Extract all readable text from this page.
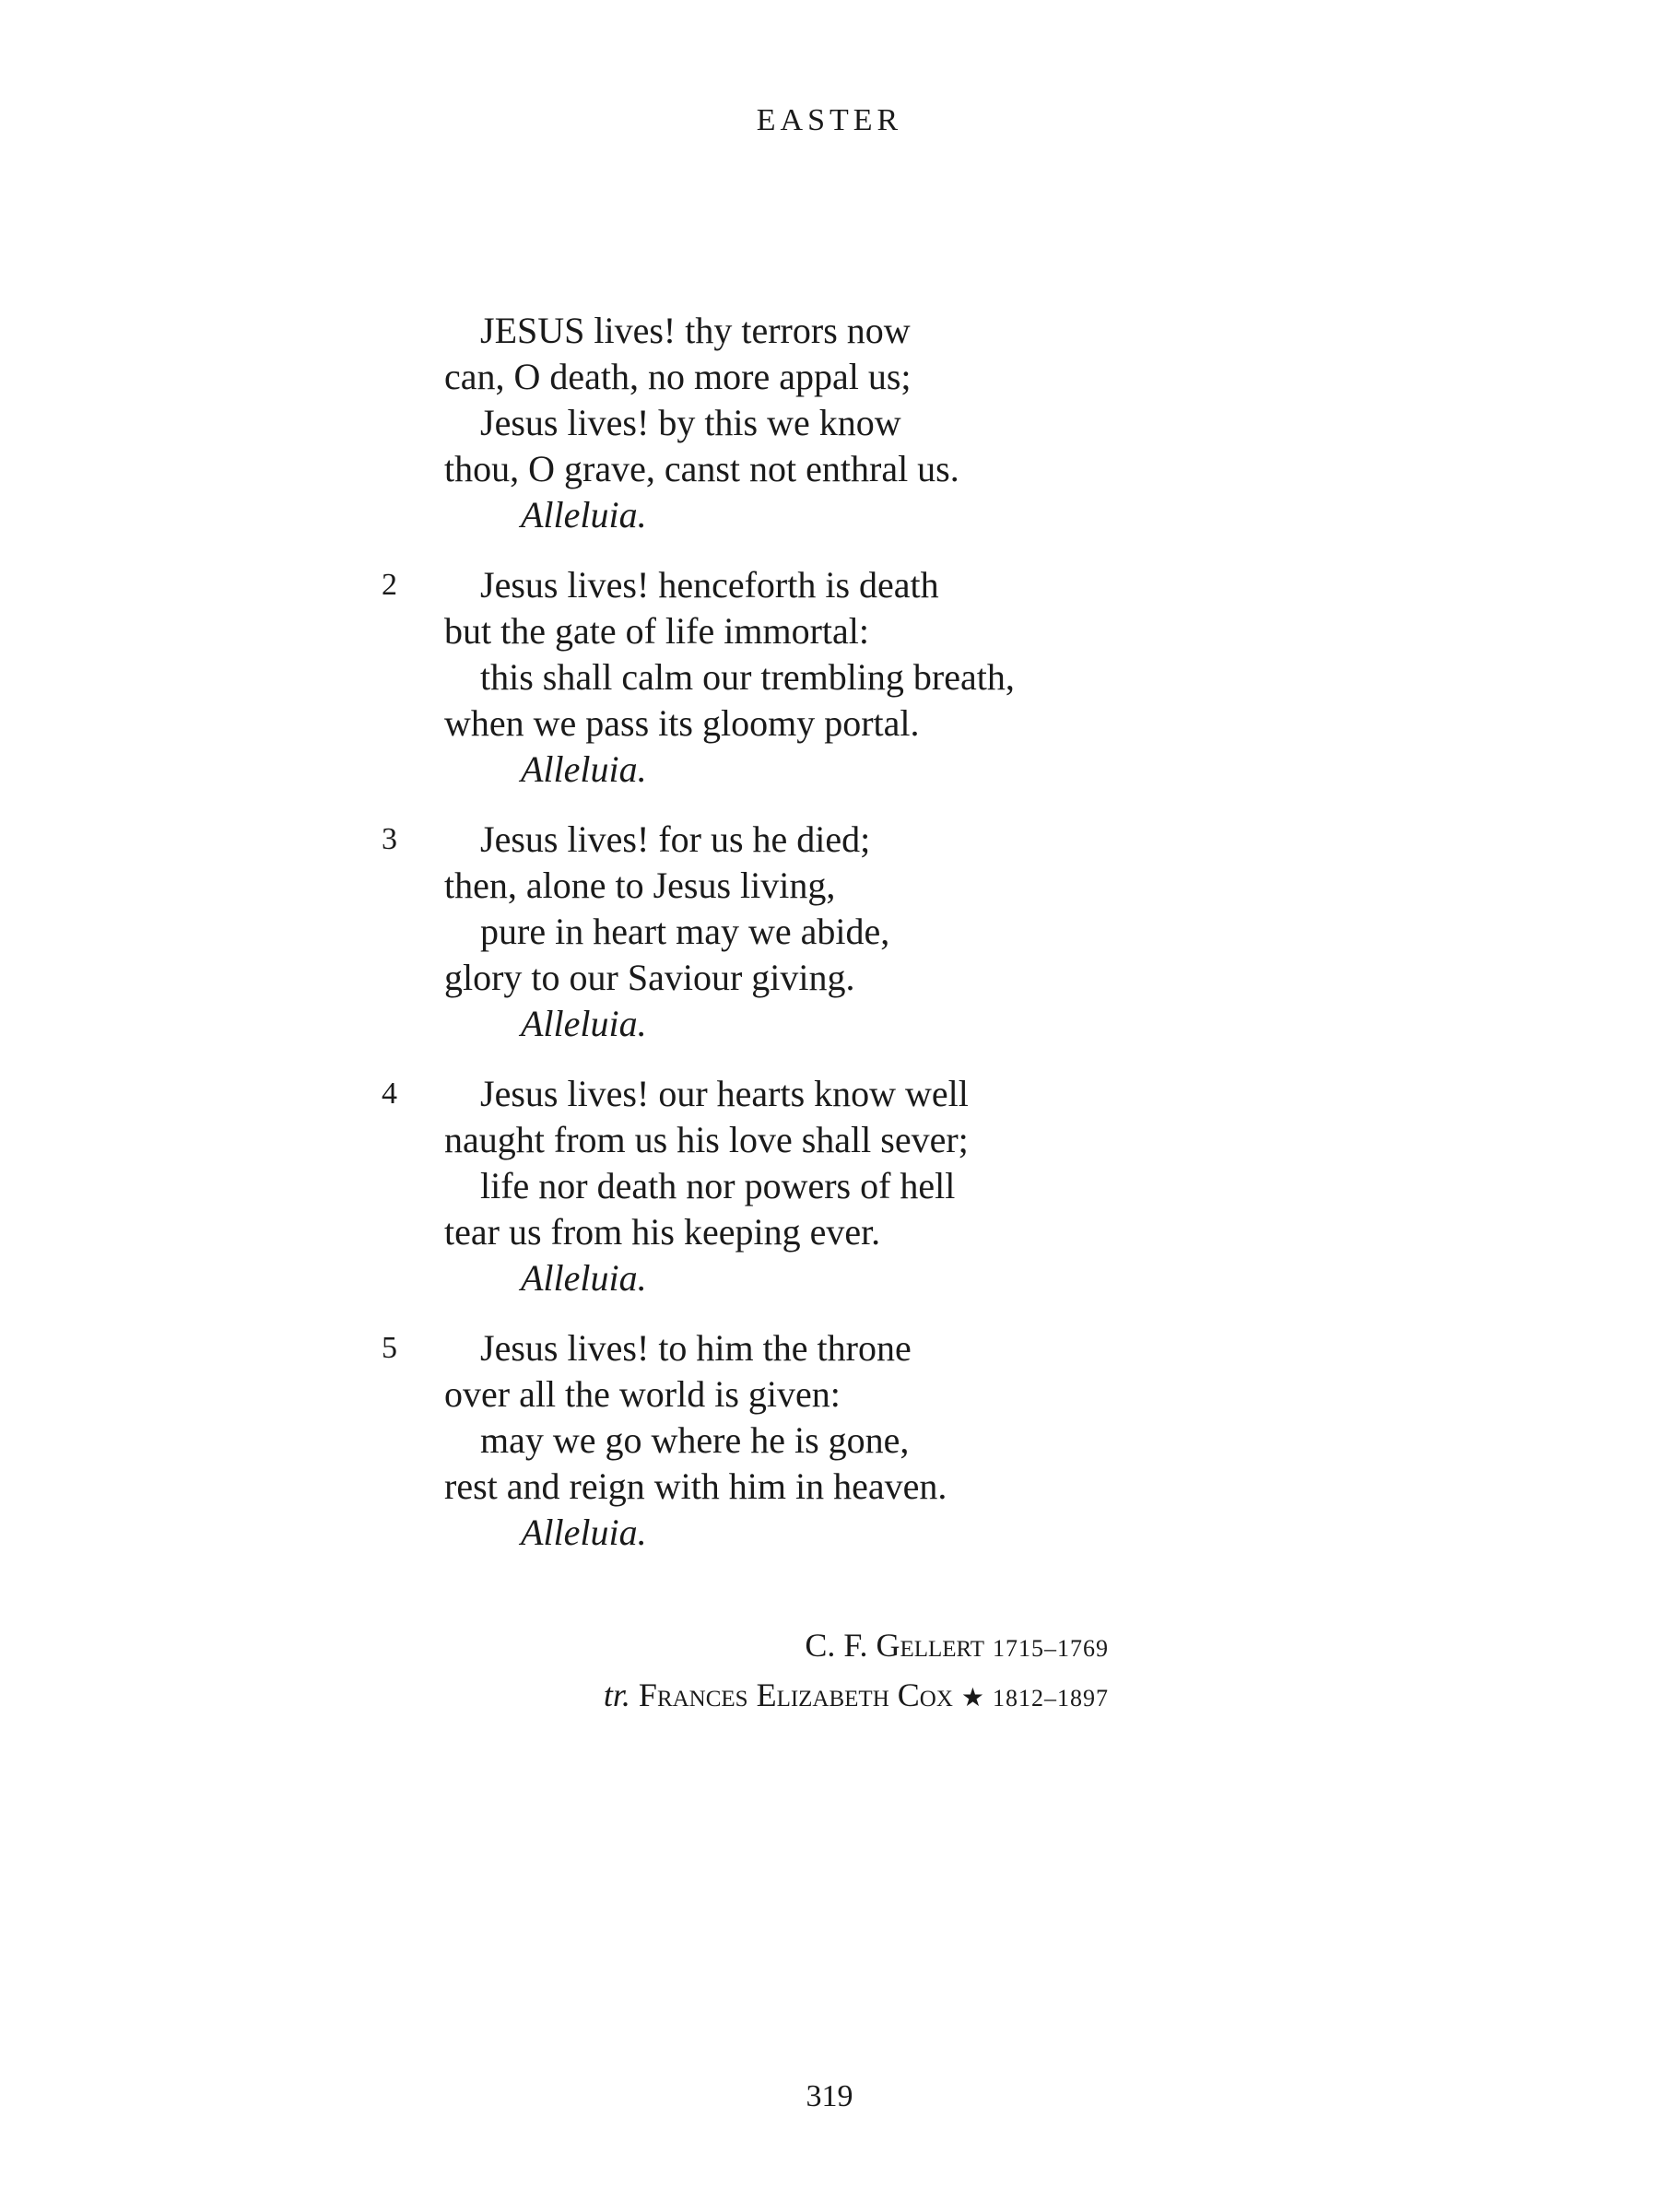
EASTER

JESUS lives! thy terrors now

can, O death, no more appal us;

Jesus lives! by this we know

thou, O grave, canst not enthral us.

Alleluia.

2	Jesus lives! henceforth is death

but the gate of life immortal:

this shall calm our trembling breath,

when we pass its gloomy portal.

Alleluia.

3	Jesus lives! for us he died;

then, alone to Jesus living,

pure in heart may we abide,

glory to our Saviour giving.

Alleluia.

4	Jesus lives! our hearts know well

naught from us his love shall sever;

life nor death nor powers of hell

tear us from his keeping ever.

Alleluia.

5	Jesus lives! to him the throne

over all the world is given:

may we go where he is gone,

rest and reign with him in heaven.

Alleluia.

C. F. Gellert 1715–1769
tr. Frances Elizabeth Cox ★ 1812–1897
319
